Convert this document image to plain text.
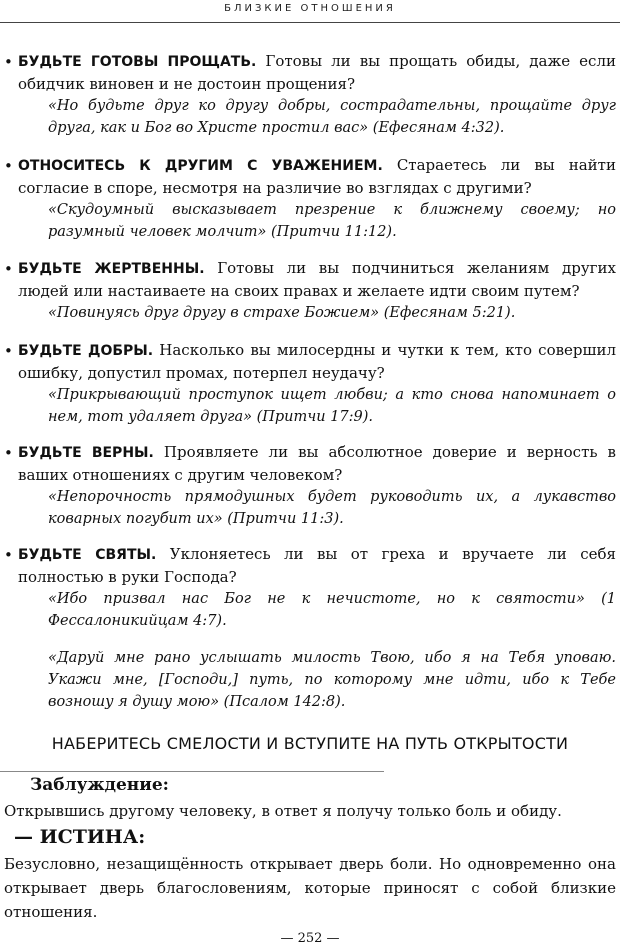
БЛИЗКИЕ ОТНОШЕНИЯ
• БУДЬТЕ ГОТОВЫ ПРОЩАТЬ. Готовы ли вы прощать обиды, даже если обидчик виновен и не достоин прощения?
«Но будьте друг ко другу добры, сострадательны, прощайте друг друга, как и Бог во Христе простил вас» (Ефесянам 4:32).
• ОТНОСИТЕСЬ К ДРУГИМ С УВАЖЕНИЕМ. Стараетесь ли вы найти согласие в споре, несмотря на различие во взглядах с другими?
«Скудоумный высказывает презрение к ближнему своему; но разумный человек молчит» (Притчи 11:12).
• БУДЬТЕ ЖЕРТВЕННЫ. Готовы ли вы подчиниться желаниям других людей или настаиваете на своих правах и желаете идти своим путем?
«Повинуясь друг другу в страхе Божием» (Ефесянам 5:21).
• БУДЬТЕ ДОБРЫ. Насколько вы милосердны и чутки к тем, кто совершил ошибку, допустил промах, потерпел неудачу?
«Прикрывающий проступок ищет любви; а кто снова напоминает о нем, тот удаляет друга» (Притчи 17:9).
• БУДЬТЕ ВЕРНЫ. Проявляете ли вы абсолютное доверие и верность в ваших отношениях с другим человеком?
«Непорочность прямодушных будет руководить их, а лукавство коварных погубит их» (Притчи 11:3).
• БУДЬТЕ СВЯТЫ. Уклоняетесь ли вы от греха и вручаете ли себя полностью в руки Господа?
«Ибо призвал нас Бог не к нечистоте, но к святости» (1 Фессалоникийцам 4:7).
«Даруй мне рано услышать милость Твою, ибо я на Тебя уповаю. Укажи мне, [Господи,] путь, по которому мне идти, ибо к Тебе возношу я душу мою» (Псалом 142:8).
НАБЕРИТЕСЬ СМЕЛОСТИ И ВСТУПИТЕ НА ПУТЬ ОТКРЫТОСТИ
Заблуждение:
Открывшись другому человеку, в ответ я получу только боль и обиду.
— ИСТИНА:
Безусловно, незащищённость открывает дверь боли. Но одновременно она открывает дверь благословениям, которые приносят с собой близкие отношения.
— 252 —
